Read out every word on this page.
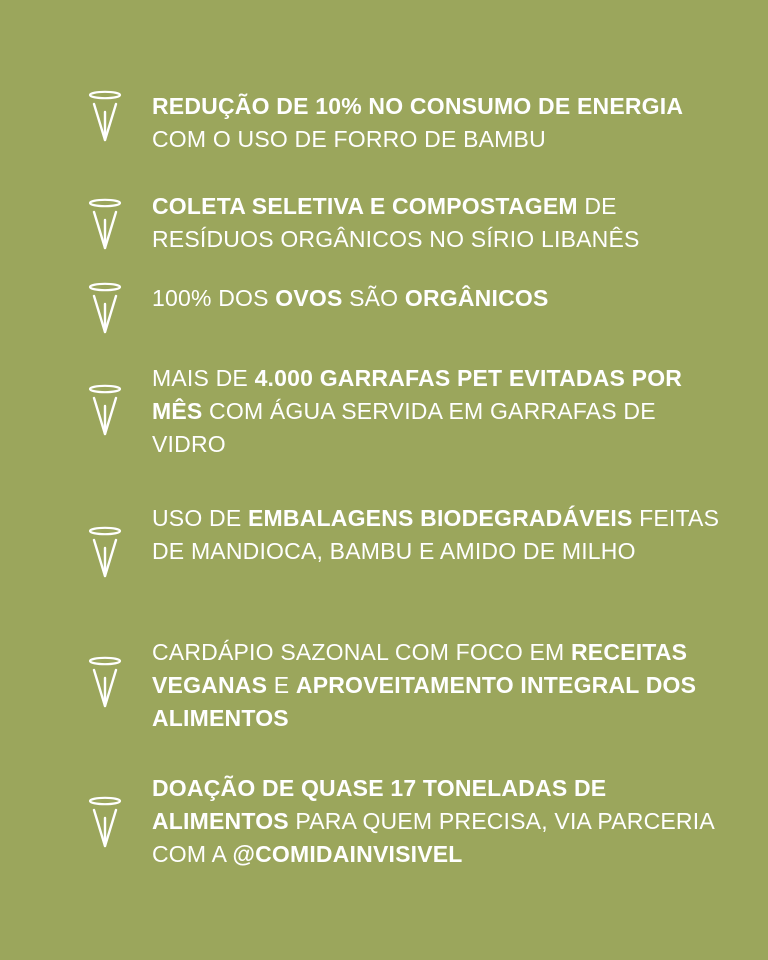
REDUÇÃO DE 10% NO CONSUMO DE ENERGIA COM O USO DE FORRO DE BAMBU
COLETA SELETIVA E COMPOSTAGEM DE RESÍDUOS ORGÂNICOS NO SÍRIO LIBANÊS
100% DOS OVOS SÃO ORGÂNICOS
MAIS DE 4.000 GARRAFAS PET EVITADAS POR MÊS COM ÁGUA SERVIDA EM GARRAFAS DE VIDRO
USO DE EMBALAGENS BIODEGRADÁVEIS FEITAS DE MANDIOCA, BAMBU E AMIDO DE MILHO
CARDÁPIO SAZONAL COM FOCO EM RECEITAS VEGANAS E APROVEITAMENTO INTEGRAL DOS ALIMENTOS
DOAÇÃO DE QUASE 17 TONELADAS DE ALIMENTOS PARA QUEM PRECISA, VIA PARCERIA COM A @COMIDAINVISIVEL
